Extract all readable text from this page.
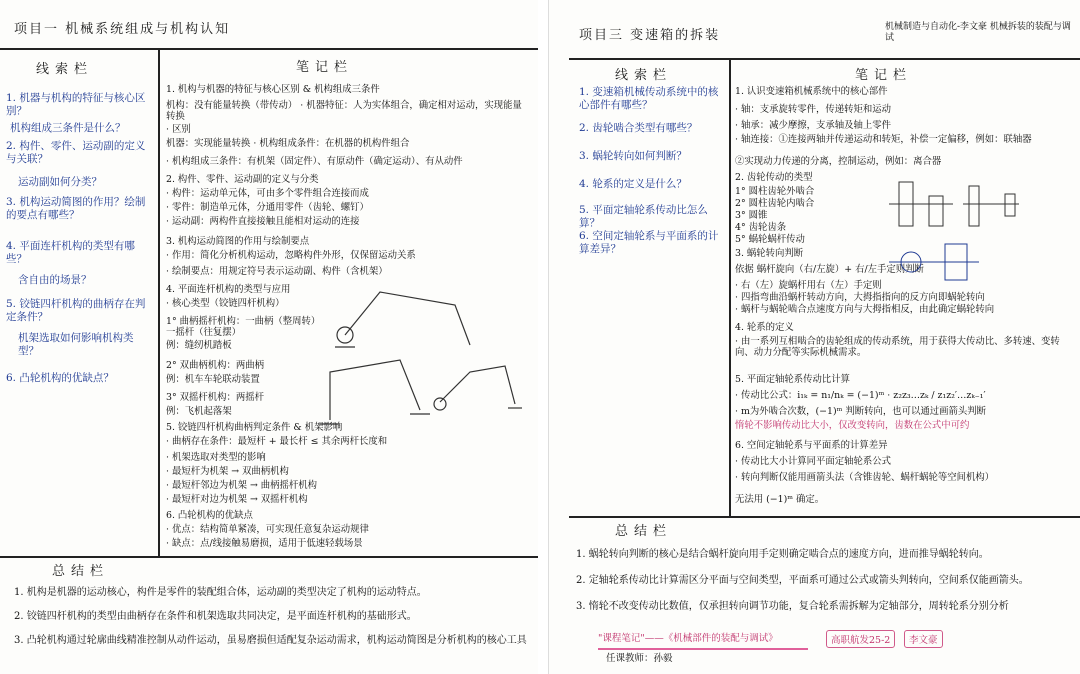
项目一 机械系统组成与机构认知
线索栏	笔记栏
总结栏
1. 机器与机构的特征与核心区别？
机构组成三条件是什么？
2. 构件、零件、运动副的定义与关联？
运动副如何分类？
3. 机构运动简图的作用？绘制的要点有哪些？
4. 平面连杆机构的类型有哪些？
含自由的场景？
5. 铰链四杆机构的曲柄存在判定条件？
机架选取如何影响机构类型？
6. 凸轮机构的优缺点？
1. 机构与机器的特征与核心区别 & 机构组成三条件
机构：没有能量转换（带传动） · 机器特征：人为实体组合，确定相对运动，实现能量转换
· 区别
机器：实现能量转换 · 机构组成条件：在机器的机构件组合
· 机构组成三条件：有机架（固定件）、有原动件（确定运动）、有从动件
2. 构件、零件、运动副的定义与分类
· 构件：运动单元体，可由多个零件组合连接而成
· 零件：制造单元体，分通用零件（齿轮、螺钉）
· 运动副：两构件直接接触且能相对运动的连接
3. 机构运动简图的作用与绘制要点
· 作用：简化分析机构运动，忽略构件外形，仅保留运动关系
· 绘制要点：用规定符号表示运动副、构件（含机架）
4. 平面连杆机构的类型与应用
· 核心类型（铰链四杆机构）
1° 曲柄摇杆机构：一曲柄（整周转）一摇杆（往复摆）
例：缝纫机踏板
2° 双曲柄机构：两曲柄
例：机车车轮联动装置
3° 双摇杆机构：两摇杆
例：飞机起落架
5. 铰链四杆机构曲柄判定条件 & 机架影响
· 曲柄存在条件：最短杆 + 最长杆 ≤ 其余两杆长度和
· 机架选取对类型的影响
· 最短杆为机架 → 双曲柄机构
· 最短杆邻边为机架 → 曲柄摇杆机构
· 最短杆对边为机架 → 双摇杆机构
6. 凸轮机构的优缺点
· 优点：结构简单紧凑，可实现任意复杂运动规律
· 缺点：点/线接触易磨损，适用于低速轻载场景
1. 机构是机器的运动核心，构件是零件的装配组合体，运动副的类型决定了机构的运动特点。
2. 铰链四杆机构的类型由曲柄存在条件和机架选取共同决定，是平面连杆机构的基础形式。
3. 凸轮机构通过轮廓曲线精准控制从动件运动，虽易磨损但适配复杂运动需求，机构运动简图是分析机构的核心工具
项目三 变速箱的拆装
机械制造与自动化-李文豪 机械拆装的装配与调试
线索栏	笔记栏
总结栏
1. 变速箱机械传动系统中的核心部件有哪些？
2. 齿轮啮合类型有哪些？
3. 蜗轮转向如何判断？
4. 轮系的定义是什么？
5. 平面定轴轮系传动比怎么算？
6. 空间定轴轮系与平面系的计算差异？
1. 认识变速箱机械系统中的核心部件
· 轴：支承旋转零件，传递转矩和运动
· 轴承：减少摩擦，支承轴及轴上零件
· 轴连接：①连接两轴并传递运动和转矩，补偿一定偏移，例如：联轴器
②实现动力传递的分离，控制运动，例如：离合器
2. 齿轮传动的类型
1° 圆柱齿轮外啮合
2° 圆柱齿轮内啮合
3° 圆锥
4° 齿轮齿条
5° 蜗轮蜗杆传动
3. 蜗轮转向判断
依据 蜗杆旋向（右/左旋）+ 右/左手定则判断
· 右（左）旋蜗杆用右（左）手定则
· 四指弯曲沿蜗杆转动方向，大拇指指向的反方向即蜗轮转向
· 蜗杆与蜗轮啮合点速度方向与大拇指相反，由此确定蜗轮转向
4. 轮系的定义
· 由一系列互相啮合的齿轮组成的传动系统，用于获得大传动比、多转速、变转向、动力分配等实际机械需求。
5. 平面定轴轮系传动比计算
· 传动比公式：i₁ₖ = n₁/nₖ = (−1)ᵐ · z₂z₃…zₖ / z₁z₂′…zₖ₋₁′
· m为外啮合次数，(−1)ᵐ 判断转向，也可以通过画箭头判断
惰轮不影响传动比大小，仅改变转向，齿数在公式中可约
6. 空间定轴轮系与平面系的计算差异
· 传动比大小计算同平面定轴轮系公式
· 转向判断仅能用画箭头法（含锥齿轮、蜗杆蜗轮等空间机构）
无法用 (−1)ᵐ 确定。
1. 蜗轮转向判断的核心是结合蜗杆旋向用手定则确定啮合点的速度方向，进而推导蜗轮转向。
2. 定轴轮系传动比计算需区分平面与空间类型，平面系可通过公式或箭头判转向，空间系仅能画箭头。
3. 惰轮不改变传动比数值，仅承担转向调节功能，复合轮系需拆解为定轴部分，周转轮系分别分析
"课程笔记"——《机械部件的装配与调试》	高职航发25-2	李文豪
任课教师：孙毅
